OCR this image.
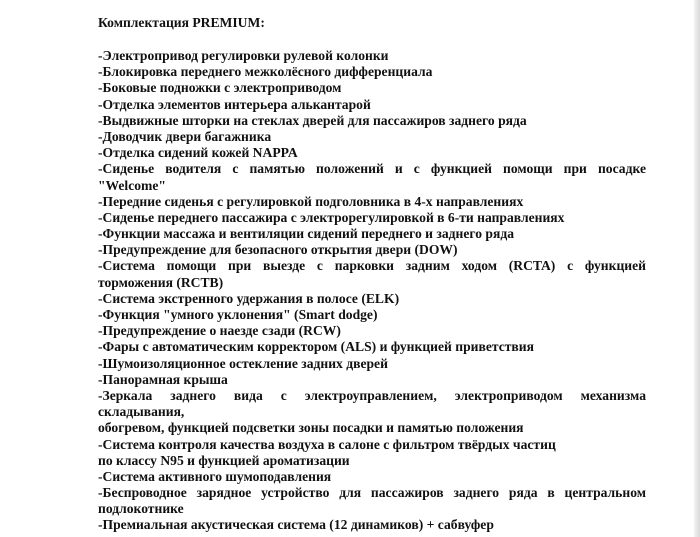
Комплектация PREMIUM:
-Электропривод регулировки рулевой колонки
-Блокировка переднего межколёсного дифференциала
-Боковые подножки с электроприводом
-Отделка элементов интерьера алькантарой
-Выдвижные шторки на стеклах дверей для пассажиров заднего ряда
-Доводчик двери багажника
-Отделка сидений кожей NAPPA
-Сиденье водителя с памятью положений и с функцией помощи при посадке
"Welcome"
-Передние сиденья с регулировкой подголовника в 4-х направлениях
-Сиденье переднего пассажира с электрорегулировкой в 6-ти направлениях
-Функции массажа и вентиляции сидений переднего и заднего ряда
-Предупреждение для безопасного открытия двери (DOW)
-Система помощи при выезде с парковки задним ходом (RCTA) с функцией
торможения (RCTB)
-Система экстренного удержания в полосе (ELK)
-Функция "умного уклонения" (Smart dodge)
-Предупреждение о наезде сзади (RCW)
-Фары с автоматическим корректором (ALS) и функцией приветствия
-Шумоизоляционное остекление задних дверей
-Панорамная крыша
-Зеркала заднего вида с электроуправлением, электроприводом механизма
складывания,
обогревом, функцией подсветки зоны посадки и памятью положения
-Система контроля качества воздуха в салоне с фильтром твёрдых частиц
по классу N95 и функцией ароматизации
-Система активного шумоподавления
-Беспроводное зарядное устройство для пассажиров заднего ряда в центральном
подлокотнике
-Премиальная акустическая система (12 динамиков) + сабвуфер
